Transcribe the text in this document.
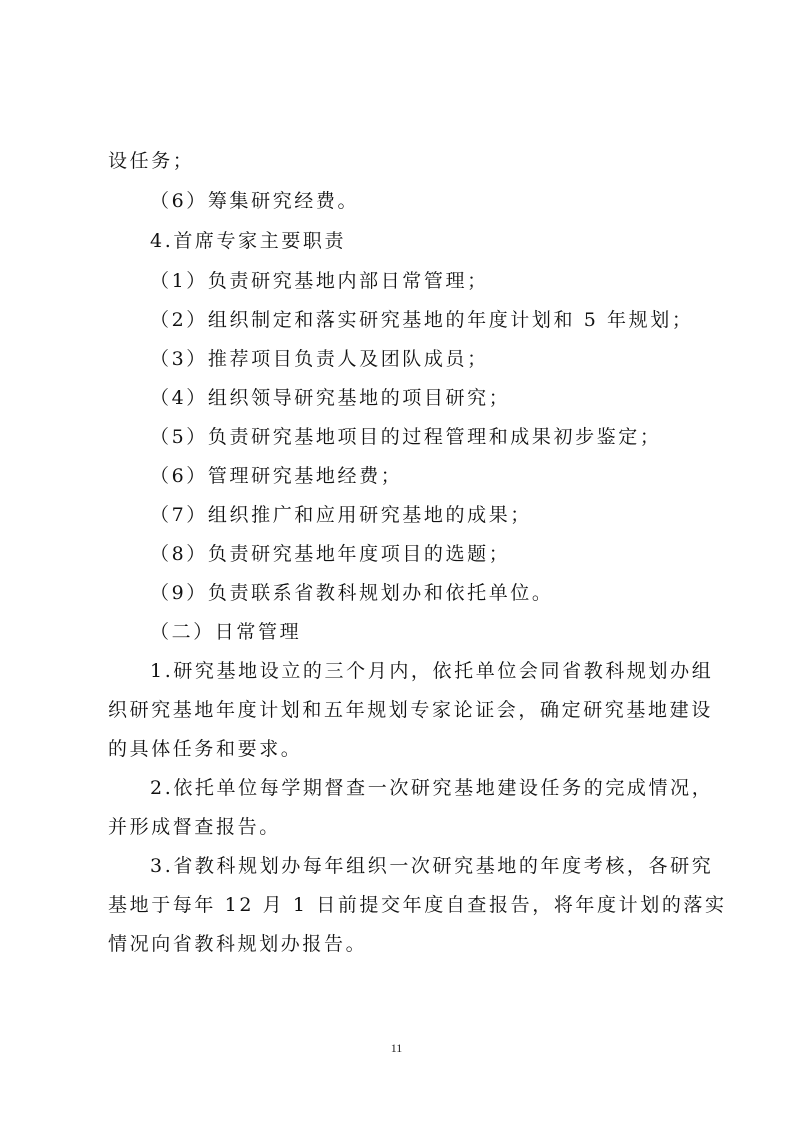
设任务；
（6）筹集研究经费。
4.首席专家主要职责
（1）负责研究基地内部日常管理；
（2）组织制定和落实研究基地的年度计划和 5 年规划；
（3）推荐项目负责人及团队成员；
（4）组织领导研究基地的项目研究；
（5）负责研究基地项目的过程管理和成果初步鉴定；
（6）管理研究基地经费；
（7）组织推广和应用研究基地的成果；
（8）负责研究基地年度项目的选题；
（9）负责联系省教科规划办和依托单位。
（二）日常管理
1.研究基地设立的三个月内，依托单位会同省教科规划办组
织研究基地年度计划和五年规划专家论证会，确定研究基地建设
的具体任务和要求。
2.依托单位每学期督查一次研究基地建设任务的完成情况，
并形成督查报告。
3.省教科规划办每年组织一次研究基地的年度考核，各研究
基地于每年 12 月 1 日前提交年度自查报告，将年度计划的落实
情况向省教科规划办报告。
11
